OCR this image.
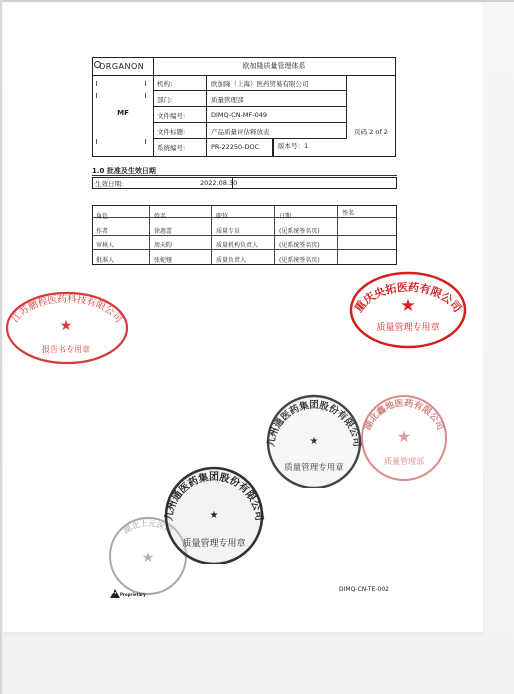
ORGANON	欧加隆质量管理体系
MF
机构:	欧加隆（上海）医药贸易有限公司
部门:	质量管理部
文件编号:	DIMQ-CN-MF-049
文件标题:	产品质量评估释放表
系统编号:	PR-22250-DOC	版本号：1
页码 2 of 2
1.0 批准及生效日期
生效日期:	2022.08.30
角色	姓名	职位	日期	签名
作者	徐惠蕾	质量专员	(见系统签名页)
审核人	周天昀	质量机构负责人	(见系统签名页)
批准人	张妮娅	质量负责人	(见系统签名页)
江苏鹏程医药科技有限公司
★
报告书专用章
重庆央拓医药有限公司
★
质量管理专用章
九州通医药集团股份有限公司
★
质量管理专用章
湖北鑫地医药有限公司
★
质量管理部
湖北上元医药
★
九州通医药集团股份有限公司
★
质量管理专用章
Pr Proprietary
DIMQ-CN-TE-002
